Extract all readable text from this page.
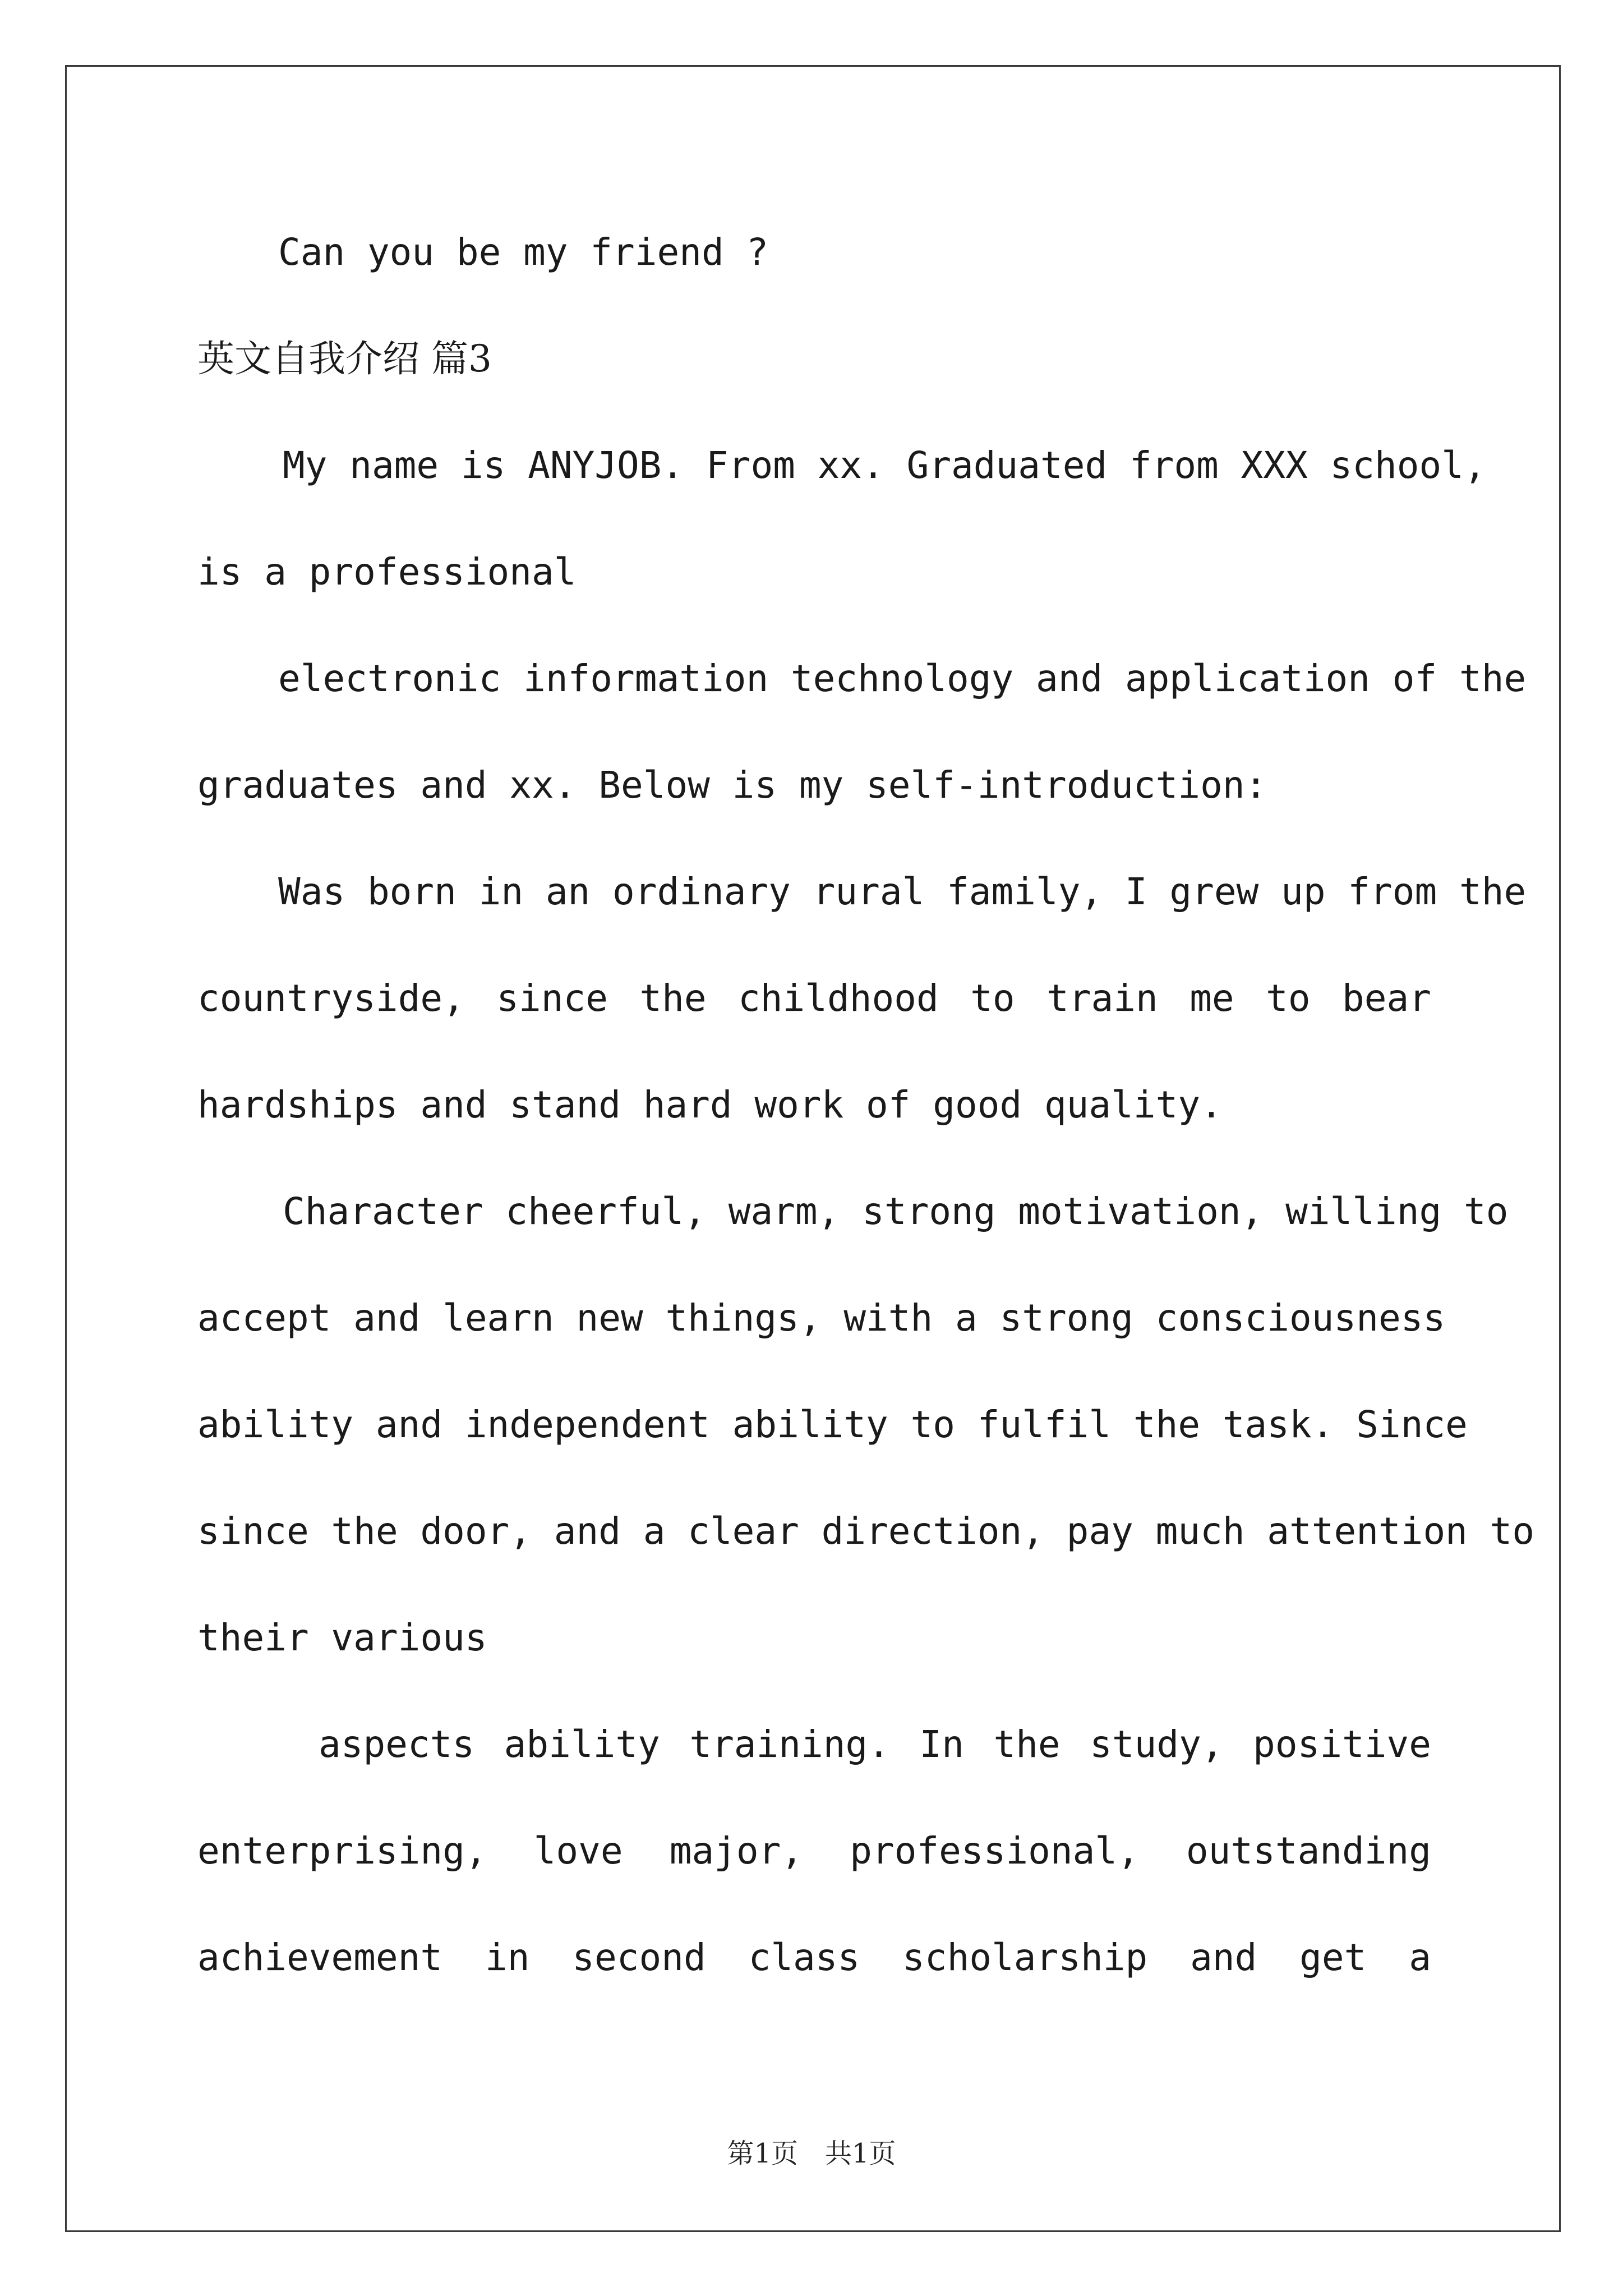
Can you be my friend ?
英文自我介绍 篇3
My name is ANYJOB. From xx. Graduated from XXX school,
is a professional
electronic information technology and application of the
graduates and xx. Below is my self-introduction:
Was born in an ordinary rural family, I grew up from the
countryside, since the childhood to train me to bear
hardships and stand hard work of good quality.
Character cheerful, warm, strong motivation, willing to
accept and learn new things, with a strong consciousness
ability and independent ability to fulfil the task. Since
since the door, and a clear direction, pay much attention to
their various
aspects ability training. In the study, positive
enterprising, love major, professional, outstanding
achievement in second class scholarship and get a
第1页 共1页
